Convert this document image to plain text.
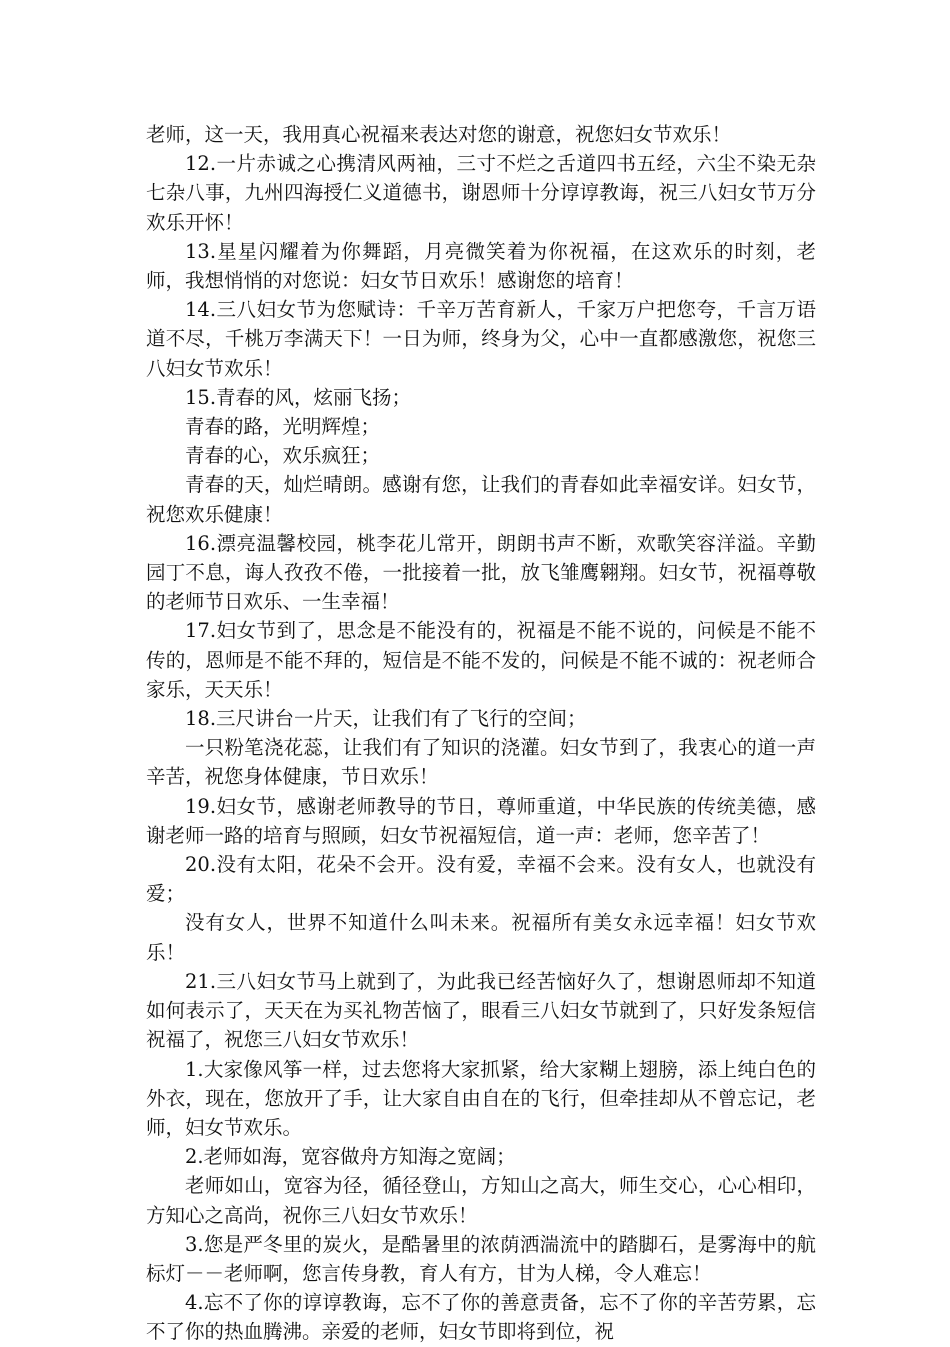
老师，这一天，我用真心祝福来表达对您的谢意，祝您妇女节欢乐！

12.一片赤诚之心携清风两袖，三寸不烂之舌道四书五经，六尘不染无杂七杂八事，九州四海授仁义道德书，谢恩师十分谆谆教诲，祝三八妇女节万分欢乐开怀！

13.星星闪耀着为你舞蹈，月亮微笑着为你祝福，在这欢乐的时刻，老师，我想悄悄的对您说：妇女节日欢乐！感谢您的培育！

14.三八妇女节为您赋诗：千辛万苦育新人，千家万户把您夸，千言万语道不尽，千桃万李满天下！一日为师，终身为父，心中一直都感激您，祝您三八妇女节欢乐！

15.青春的风，炫丽飞扬；

青春的路，光明辉煌；

青春的心，欢乐疯狂；

青春的天，灿烂晴朗。感谢有您，让我们的青春如此幸福安详。妇女节，祝您欢乐健康！

16.漂亮温馨校园，桃李花儿常开，朗朗书声不断，欢歌笑容洋溢。辛勤园丁不息，诲人孜孜不倦，一批接着一批，放飞雏鹰翱翔。妇女节，祝福尊敬的老师节日欢乐、一生幸福！

17.妇女节到了，思念是不能没有的，祝福是不能不说的，问候是不能不传的，恩师是不能不拜的，短信是不能不发的，问候是不能不诚的：祝老师合家乐，天天乐！

18.三尺讲台一片天，让我们有了飞行的空间；

一只粉笔浇花蕊，让我们有了知识的浇灌。妇女节到了，我衷心的道一声辛苦，祝您身体健康，节日欢乐！

19.妇女节，感谢老师教导的节日，尊师重道，中华民族的传统美德，感谢老师一路的培育与照顾，妇女节祝福短信，道一声：老师，您辛苦了！

20.没有太阳，花朵不会开。没有爱，幸福不会来。没有女人，也就没有爱；

没有女人，世界不知道什么叫未来。祝福所有美女永远幸福！妇女节欢乐！

21.三八妇女节马上就到了，为此我已经苦恼好久了，想谢恩师却不知道如何表示了，天天在为买礼物苦恼了，眼看三八妇女节就到了，只好发条短信祝福了，祝您三八妇女节欢乐！

1.大家像风筝一样，过去您将大家抓紧，给大家糊上翅膀，添上纯白色的外衣，现在，您放开了手，让大家自由自在的飞行，但牵挂却从不曾忘记，老师，妇女节欢乐。

2.老师如海，宽容做舟方知海之宽阔；

老师如山，宽容为径，循径登山，方知山之高大，师生交心，心心相印，方知心之高尚，祝你三八妇女节欢乐！

3.您是严冬里的炭火，是酷暑里的浓荫洒湍流中的踏脚石，是雾海中的航标灯－－老师啊，您言传身教，育人有方，甘为人梯，令人难忘！

4.忘不了你的谆谆教诲，忘不了你的善意责备，忘不了你的辛苦劳累，忘不了你的热血腾沸。亲爱的老师，妇女节即将到位，祝
